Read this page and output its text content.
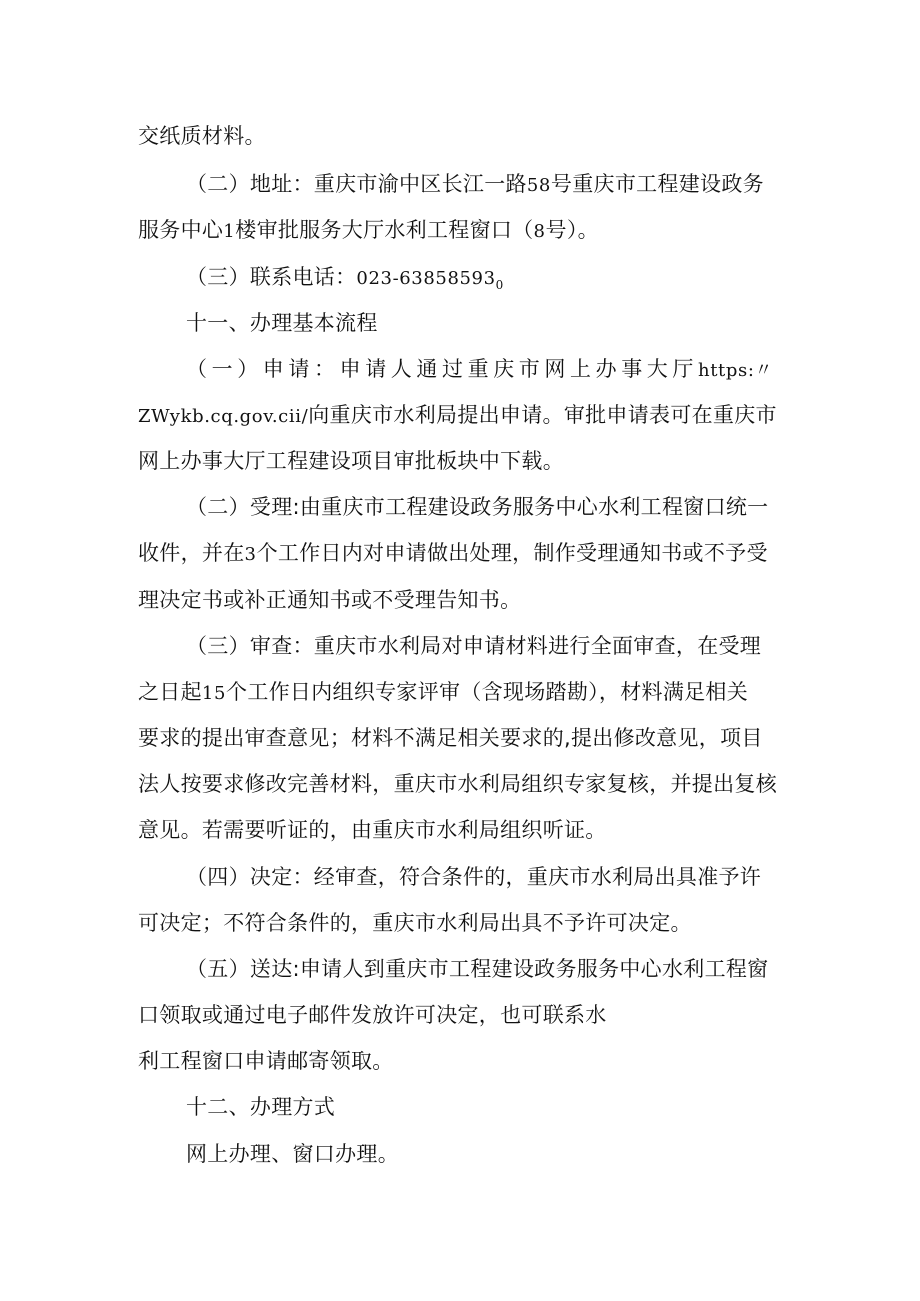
交纸质材料。
（二）地址：重庆市渝中区长江一路58号重庆市工程建设政务
服务中心1楼审批服务大厅水利工程窗口（8号）。
（三）联系电话：$023-63858593_0$
十一、办理基本流程
（一）申请：申请人通过重庆市网上办事大厅https:〃
ZWykb.cq.gov.cii/向重庆市水利局提出申请。审批申请表可在重庆市
网上办事大厅工程建设项目审批板块中下载。
（二）受理:由重庆市工程建设政务服务中心水利工程窗口统一
收件，并在3个工作日内对申请做出处理，制作受理通知书或不予受
理决定书或补正通知书或不受理告知书。
（三）审查：重庆市水利局对申请材料进行全面审查，在受理
之日起15个工作日内组织专家评审（含现场踏勘），材料满足相关
要求的提出审查意见；材料不满足相关要求的,提出修改意见，项目
法人按要求修改完善材料，重庆市水利局组织专家复核，并提出复核
意见。若需要听证的，由重庆市水利局组织听证。
（四）决定：经审查，符合条件的，重庆市水利局出具准予许
可决定；不符合条件的，重庆市水利局出具不予许可决定。
（五）送达:申请人到重庆市工程建设政务服务中心水利工程窗
口领取或通过电子邮件发放许可决定，也可联系水
利工程窗口申请邮寄领取。
十二、办理方式
网上办理、窗口办理。
